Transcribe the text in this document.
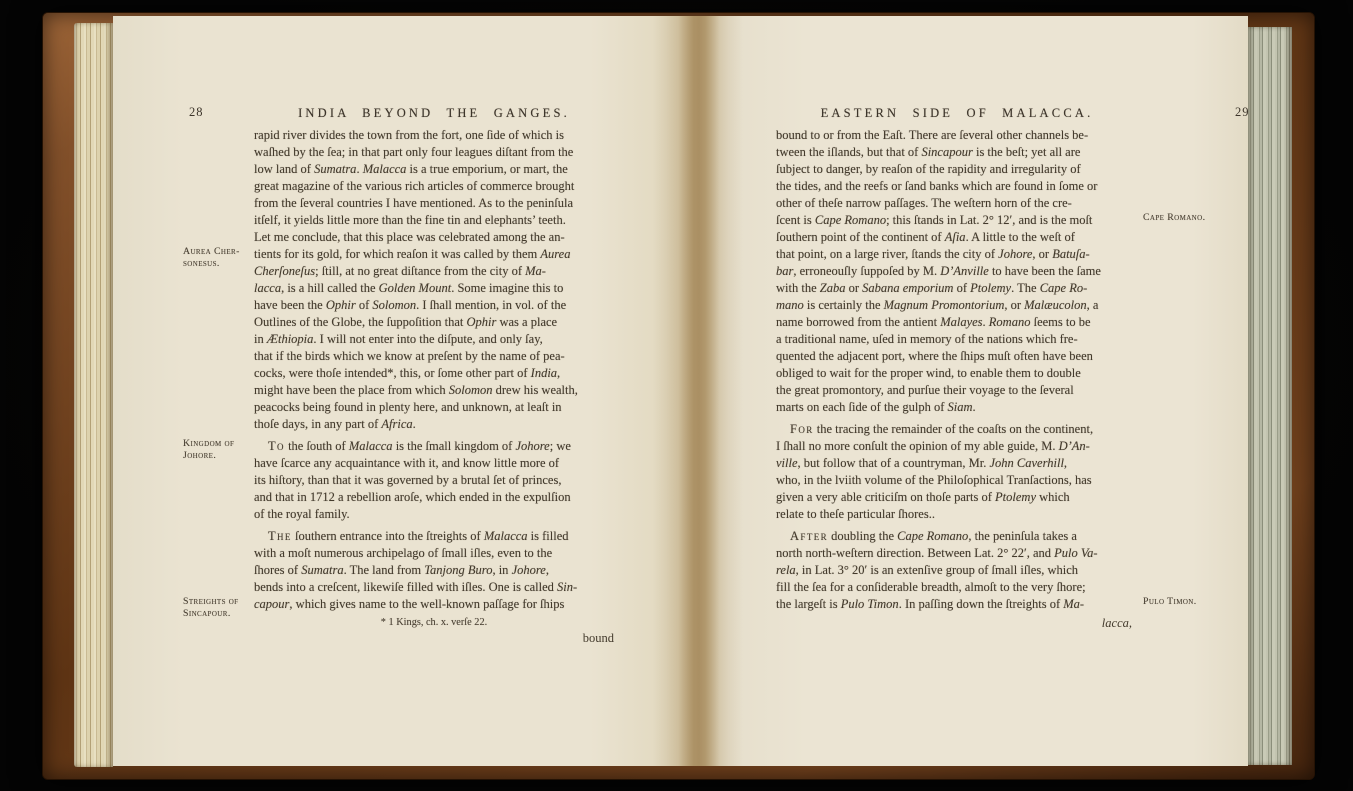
28	INDIA BEYOND THE GANGES.
rapid river divides the town from the fort, one ſide of which is
waſhed by the ſea; in that part only four leagues diſtant from the
low land of Sumatra. Malacca is a true emporium, or mart, the
great magazine of the various rich articles of commerce brought
from the ſeveral countries I have mentioned. As to the peninſula
itſelf, it yields little more than the fine tin and elephants’ teeth.
Let me conclude, that this place was celebrated among the an-
tients for its gold, for which reaſon it was called by them Aurea
Cherſoneſus; ſtill, at no great diſtance from the city of Ma-
lacca, is a hill called the Golden Mount. Some imagine this to
have been the Ophir of Solomon. I ſhall mention, in vol. of the
Outlines of the Globe, the ſuppoſition that Ophir was a place
in Æthiopia. I will not enter into the diſpute, and only ſay,
that if the birds which we know at preſent by the name of pea-
cocks, were thoſe intended*, this, or ſome other part of India,
might have been the place from which Solomon drew his wealth,
peacocks being found in plenty here, and unknown, at leaſt in
thoſe days, in any part of Africa.
To the ſouth of Malacca is the ſmall kingdom of Johore; we
have ſcarce any acquaintance with it, and know little more of
its hiſtory, than that it was governed by a brutal ſet of princes,
and that in 1712 a rebellion aroſe, which ended in the expulſion
of the royal family.
The ſouthern entrance into the ſtreights of Malacca is filled
with a moſt numerous archipelago of ſmall iſles, even to the
ſhores of Sumatra. The land from Tanjong Buro, in Johore,
bends into a creſcent, likewiſe filled with iſles. One is called Sin-
capour, which gives name to the well-known paſſage for ſhips
Aurea Cher-
sonesus.
Kingdom of
Johore.
Streights of
Sincapour.
* 1 Kings, ch. x. verſe 22.
bound
29
EASTERN SIDE OF MALACCA.
bound to or from the Eaſt. There are ſeveral other channels be-
tween the iſlands, but that of Sincapour is the beſt; yet all are
ſubject to danger, by reaſon of the rapidity and irregularity of
the tides, and the reefs or ſand banks which are found in ſome or
other of theſe narrow paſſages. The weſtern horn of the cre-
ſcent is Cape Romano; this ſtands in Lat. 2° 12′, and is the moſt
ſouthern point of the continent of Aſia. A little to the weſt of
that point, on a large river, ſtands the city of Johore, or Batuſa-
bar, erroneouſly ſuppoſed by M. D’Anville to have been the ſame
with the Zaba or Sabana emporium of Ptolemy. The Cape Ro-
mano is certainly the Magnum Promontorium, or Malæucolon, a
name borrowed from the antient Malayes. Romano ſeems to be
a traditional name, uſed in memory of the nations which fre-
quented the adjacent port, where the ſhips muſt often have been
obliged to wait for the proper wind, to enable them to double
the great promontory, and purſue their voyage to the ſeveral
marts on each ſide of the gulph of Siam.
For the tracing the remainder of the coaſts on the continent,
I ſhall no more conſult the opinion of my able guide, M. D’An-
ville, but follow that of a countryman, Mr. John Caverhill,
who, in the lviith volume of the Philoſophical Tranſactions, has
given a very able criticiſm on thoſe parts of Ptolemy which
relate to theſe particular ſhores..
After doubling the Cape Romano, the peninſula takes a
north north-weſtern direction. Between Lat. 2° 22′, and Pulo Va-
rela, in Lat. 3° 20′ is an extenſive group of ſmall iſles, which
fill the ſea for a conſiderable breadth, almoſt to the very ſhore;
the largeſt is Pulo Timon. In paſſing down the ſtreights of Ma-
Cape Romano.
Pulo Timon.
lacca,
